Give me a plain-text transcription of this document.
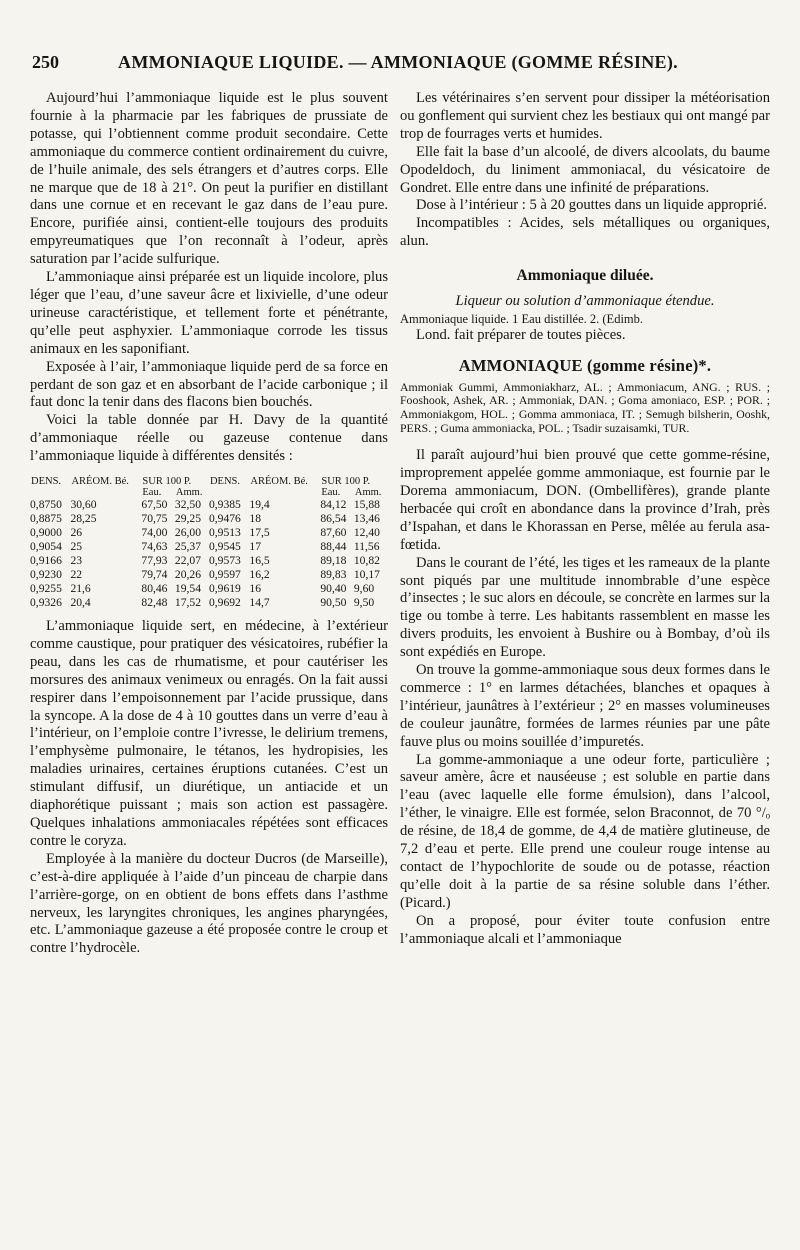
250	AMMONIAQUE LIQUIDE. — AMMONIAQUE (GOMME RÉSINE).

Aujourd’hui l’ammoniaque liquide est le plus souvent fournie à la pharmacie par les fabriques de prussiate de potasse, qui l’obtiennent comme produit secondaire. Cette ammoniaque du commerce contient ordinairement du cuivre, de l’huile animale, des sels étrangers et d’autres corps. Elle ne marque que de 18 à 21°. On peut la purifier en distillant dans une cornue et en recevant le gaz dans de l’eau pure. Encore, purifiée ainsi, contient-elle toujours des produits empyreumatiques que l’on reconnaît à l’odeur, après saturation par l’acide sulfurique.

L’ammoniaque ainsi préparée est un liquide incolore, plus léger que l’eau, d’une saveur âcre et lixivielle, d’une odeur urineuse caractéristique, et tellement forte et pénétrante, qu’elle peut asphyxier. L’ammoniaque corrode les tissus animaux en les saponifiant.

Exposée à l’air, l’ammoniaque liquide perd de sa force en perdant de son gaz et en absorbant de l’acide carbonique ; il faut donc la tenir dans des flacons bien bouchés.

Voici la table donnée par H. Davy de la quantité d’ammoniaque réelle ou gazeuse contenue dans l’ammoniaque liquide à différentes densités :

DENS.	ARÉOM. Bé.	SUR 100 P.		DENS.	ARÉOM. Bé.	SUR 100 P.	
		Eau.	Amm.			Eau.	Amm.
0,8750	30,60	67,50	32,50	0,9385	19,4	84,12	15,88
0,8875	28,25	70,75	29,25	0,9476	18	86,54	13,46
0,9000	26	74,00	26,00	0,9513	17,5	87,60	12,40
0,9054	25	74,63	25,37	0,9545	17	88,44	11,56
0,9166	23	77,93	22,07	0,9573	16,5	89,18	10,82
0,9230	22	79,74	20,26	0,9597	16,2	89,83	10,17
0,9255	21,6	80,46	19,54	0,9619	16	90,40	9,60
0,9326	20,4	82,48	17,52	0,9692	14,7	90,50	9,50

L’ammoniaque liquide sert, en médecine, à l’extérieur comme caustique, pour pratiquer des vésicatoires, rubéfier la peau, dans les cas de rhumatisme, et pour cautériser les morsures des animaux venimeux ou enragés. On la fait aussi respirer dans l’empoisonnement par l’acide prussique, dans la syncope. A la dose de 4 à 10 gouttes dans un verre d’eau à l’intérieur, on l’emploie contre l’ivresse, le delirium tremens, l’emphysème pulmonaire, le tétanos, les hydropisies, les maladies urinaires, certaines éruptions cutanées. C’est un stimulant diffusif, un diurétique, un antiacide et un diaphorétique puissant ; mais son action est passagère. Quelques inhalations ammoniacales répétées sont efficaces contre le coryza.

Employée à la manière du docteur Ducros (de Marseille), c’est-à-dire appliquée à l’aide d’un pinceau de charpie dans l’arrière-gorge, on en obtient de bons effets dans l’asthme nerveux, les laryngites chroniques, les angines pharyngées, etc. L’ammoniaque gazeuse a été proposée contre le croup et contre l’hydrocèle.

Les vétérinaires s’en servent pour dissiper la météorisation ou gonflement qui survient chez les bestiaux qui ont mangé par trop de fourrages verts et humides.

Elle fait la base d’un alcoolé, de divers alcoolats, du baume Opodeldoch, du liniment ammoniacal, du vésicatoire de Gondret. Elle entre dans une infinité de préparations.

Dose à l’intérieur : 5 à 20 gouttes dans un liquide approprié.

Incompatibles : Acides, sels métalliques ou organiques, alun.

Ammoniaque diluée.

Liqueur ou solution d’ammoniaque étendue.

Ammoniaque liquide. 1 Eau distillée. 2. (Edimb.

Lond. fait préparer de toutes pièces.

AMMONIAQUE (gomme résine)*.

Ammoniak Gummi, Ammoniakharz, AL. ; Ammoniacum, ANG. ; RUS. ; Fooshook, Ashek, AR. ; Ammoniak, DAN. ; Goma amoniaco, ESP. ; POR. ; Ammoniakgom, HOL. ; Gomma ammoniaca, IT. ; Semugh bilsherin, Ooshk, PERS. ; Guma ammoniacka, POL. ; Tsadir suzaisamki, TUR.

Il paraît aujourd’hui bien prouvé que cette gomme-résine, improprement appelée gomme ammoniaque, est fournie par le Dorema ammoniacum, DON. (Ombellifères), grande plante herbacée qui croît en abondance dans la province d’Irah, près d’Ispahan, et dans le Khorassan en Perse, mêlée au ferula asa-fœtida.

Dans le courant de l’été, les tiges et les rameaux de la plante sont piqués par une multitude innombrable d’une espèce d’insectes ; le suc alors en découle, se concrète en larmes sur la tige ou tombe à terre. Les habitants rassemblent en masse les divers produits, les envoient à Bushire ou à Bombay, d’où ils sont expédiés en Europe.

On trouve la gomme-ammoniaque sous deux formes dans le commerce : 1° en larmes détachées, blanches et opaques à l’intérieur, jaunâtres à l’extérieur ; 2° en masses volumineuses de couleur jaunâtre, formées de larmes réunies par une pâte fauve plus ou moins souillée d’impuretés.

La gomme-ammoniaque a une odeur forte, particulière ; saveur amère, âcre et nauséeuse ; est soluble en partie dans l’eau (avec laquelle elle forme émulsion), dans l’alcool, l’éther, le vinaigre. Elle est formée, selon Braconnot, de 70 °/ₒ de résine, de 18,4 de gomme, de 4,4 de matière glutineuse, de 7,2 d’eau et perte. Elle prend une couleur rouge intense au contact de l’hypochlorite de soude ou de potasse, réaction qu’elle doit à la partie de sa résine soluble dans l’éther. (Picard.)

On a proposé, pour éviter toute confusion entre l’ammoniaque alcali et l’ammoniaque
